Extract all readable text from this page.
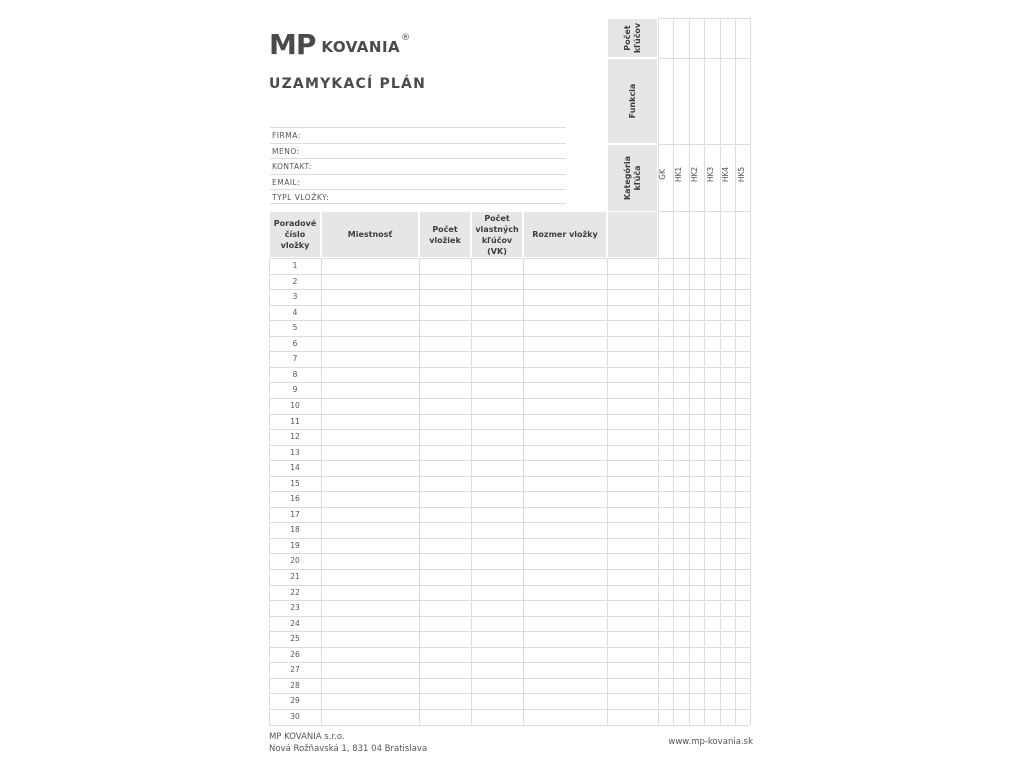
MP KOVANIA ®
UZAMYKACÍ PLÁN
FIRMA:
MENO:
KONTAKT:
EMAIL:
TYPL VLOŽKY:
Počet kľúčov
Funkcia
Kategória kľúča GK HK1 HK2 HK3 HK4 HK5
Poradové číslo vložky
Miestnosť
Počet vložiek
Počet vlastných kľúčov (VK)
Rozmer vložky
1
2
3
4
5
6
7
8
9
10
11
12
13
14
15
16
17
18
19
20
21
22
23
24
25
26
27
28
29
30
MP KOVANIA s.r.o.
Nová Rožňavská 1, 831 04 Bratislava
www.mp-kovania.sk
